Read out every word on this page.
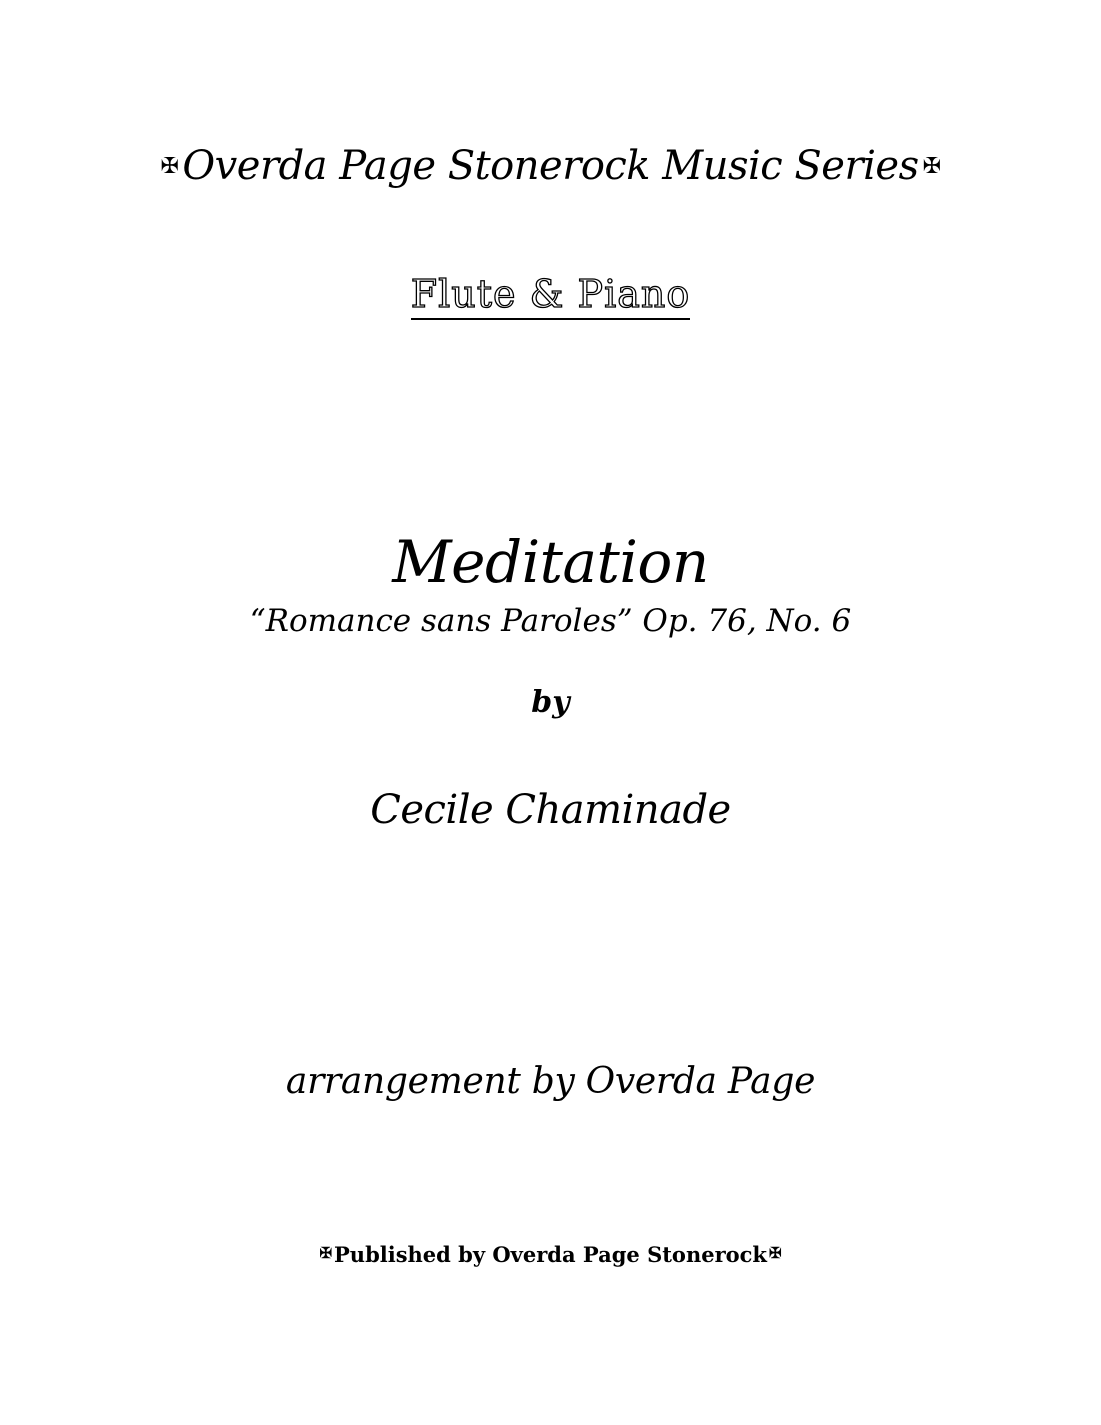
✠ Overda Page Stonerock Music Series ✠
Flute & Piano
Meditation
“Romance sans Paroles” Op. 76, No. 6
by
Cecile Chaminade
arrangement by Overda Page
✠Published by Overda Page Stonerock ✠
